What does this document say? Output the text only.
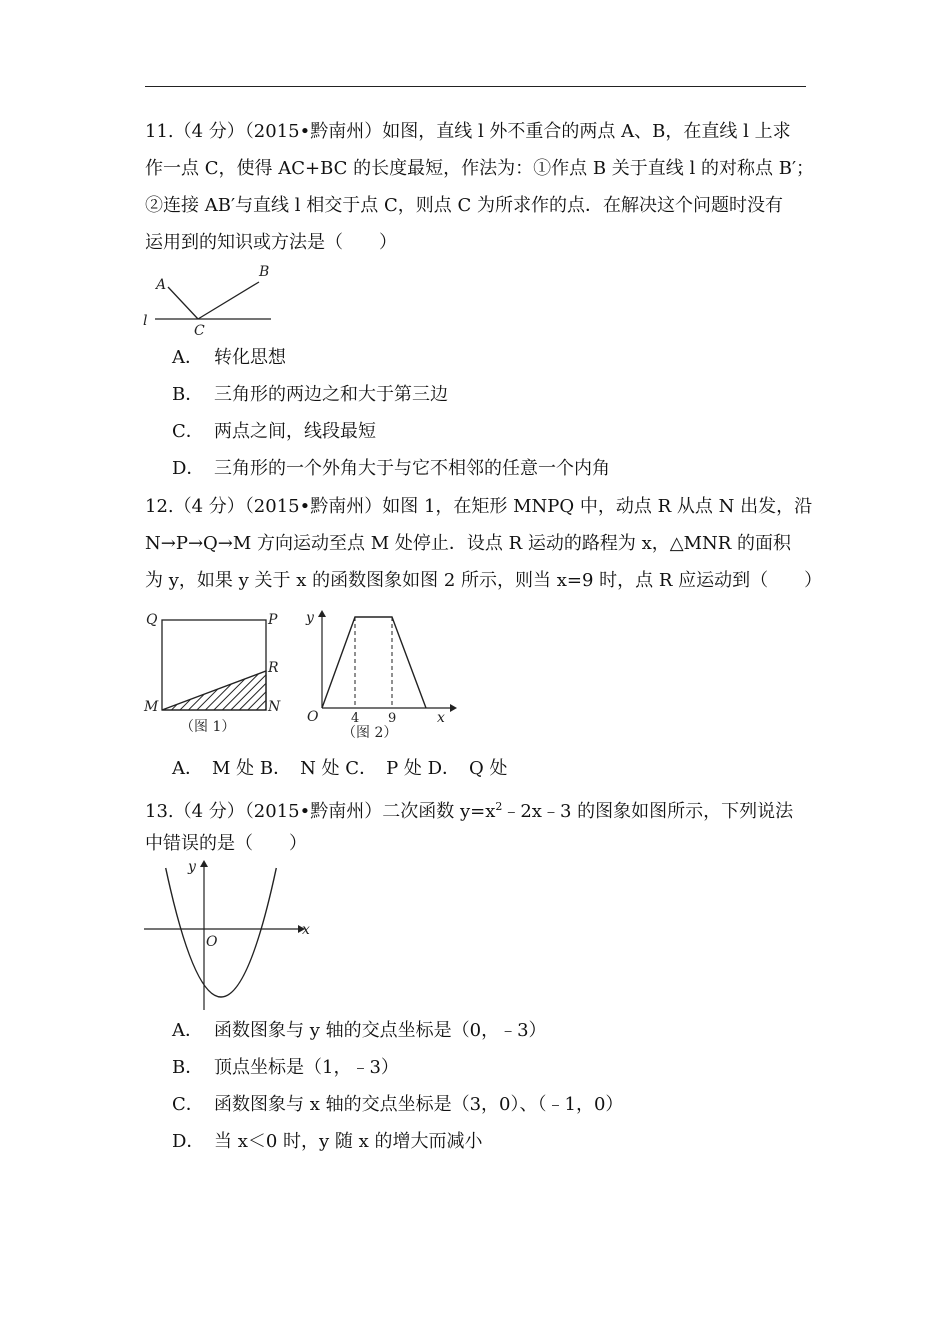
11.（4 分）（2015•黔南州）如图，直线 l 外不重合的两点 A、B，在直线 l 上求
作一点 C，使得 AC+BC 的长度最短，作法为：①作点 B 关于直线 l 的对称点 B′；
②连接 AB′与直线 l 相交于点 C，则点 C 为所求作的点．在解决这个问题时没有
运用到的知识或方法是（　　）
A
B
C
l
A． 转化思想
B． 三角形的两边之和大于第三边
C． 两点之间，线段最短
D． 三角形的一个外角大于与它不相邻的任意一个内角
12.（4 分）（2015•黔南州）如图 1，在矩形 MNPQ 中，动点 R 从点 N 出发，沿
N→P→Q→M 方向运动至点 M 处停止．设点 R 运动的路程为 x，△MNR 的面积
为 y，如果 y 关于 x 的函数图象如图 2 所示，则当 x=9 时，点 R 应运动到（　　）
Q	P
R
M	N
（图 1）
y
x
O	4 9
（图 2）
A．　M 处 B．　N 处 C．　P 处 D．　Q 处
13.（4 分）（2015•黔南州）二次函数 $y=x^2﹣2x﹣3$ 的图象如图所示，下列说法
中错误的是（　　）
y
x
O
A． 函数图象与 y 轴的交点坐标是（0，﹣3）
B． 顶点坐标是（1，﹣3）
C． 函数图象与 x 轴的交点坐标是（3，0）、（﹣1，0）
D． 当 x＜0 时，y 随 x 的增大而减小
